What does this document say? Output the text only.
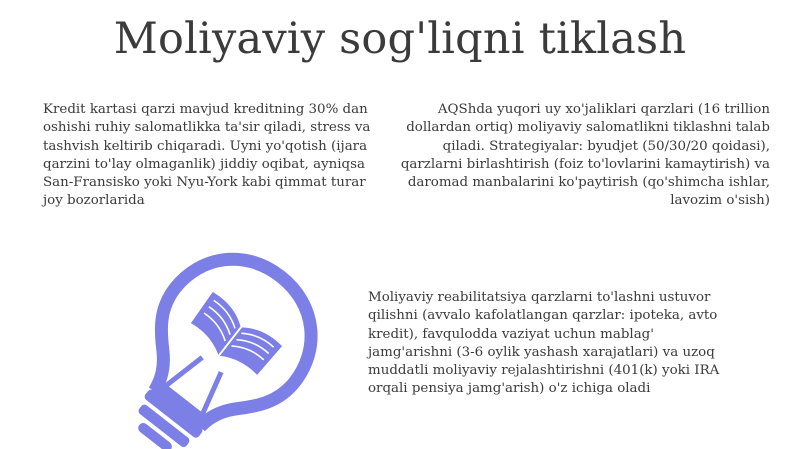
Moliyaviy sog'liqni tiklash
Kredit kartasi qarzi mavjud kreditning 30% dan oshishi ruhiy salomatlikka ta'sir qiladi, stress va tashvish keltirib chiqaradi. Uyni yo'qotish (ijara qarzini to'lay olmaganlik) jiddiy oqibat, ayniqsa San-Fransisko yoki Nyu-York kabi qimmat turar joy bozorlarida
AQShda yuqori uy xo'jaliklari qarzlari (16 trillion dollardan ortiq) moliyaviy salomatlikni tiklashni talab qiladi. Strategiyalar: byudjet (50/30/20 qoidasi), qarzlarni birlashtirish (foiz to'lovlarini kamaytirish) va daromad manbalarini ko'paytirish (qo'shimcha ishlar, lavozim o'sish)
Moliyaviy reabilitatsiya qarzlarni to'lashni ustuvor qilishni (avvalo kafolatlangan qarzlar: ipoteka, avto kredit), favqulodda vaziyat uchun mablag' jamg'arishni (3-6 oylik yashash xarajatlari) va uzoq muddatli moliyaviy rejalashtirishni (401(k) yoki IRA orqali pensiya jamg'arish) o'z ichiga oladi
